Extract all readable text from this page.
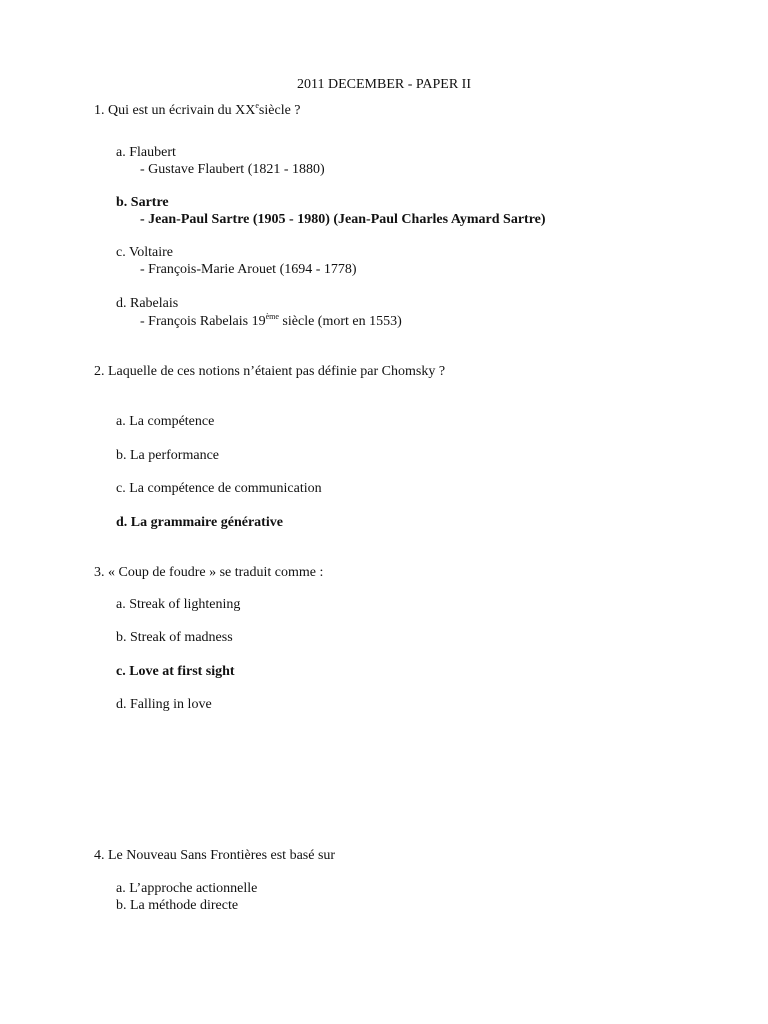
2011 DECEMBER - PAPER II
1. Qui est un écrivain du XXesiècle ?
a. Flaubert
- Gustave Flaubert (1821 - 1880)
b. Sartre
- Jean-Paul Sartre (1905 - 1980) (Jean-Paul Charles Aymard Sartre)
c. Voltaire
- François-Marie Arouet (1694 - 1778)
d. Rabelais
- François Rabelais 19ème siècle (mort en 1553)
2. Laquelle de ces notions n’étaient pas définie par Chomsky ?
a. La compétence
b. La performance
c. La compétence de communication
d. La grammaire générative
3. « Coup de foudre » se traduit comme :
a. Streak of lightening
b. Streak of madness
c. Love at first sight
d. Falling in love
4. Le Nouveau Sans Frontières est basé sur
a. L’approche actionnelle
b. La méthode directe
